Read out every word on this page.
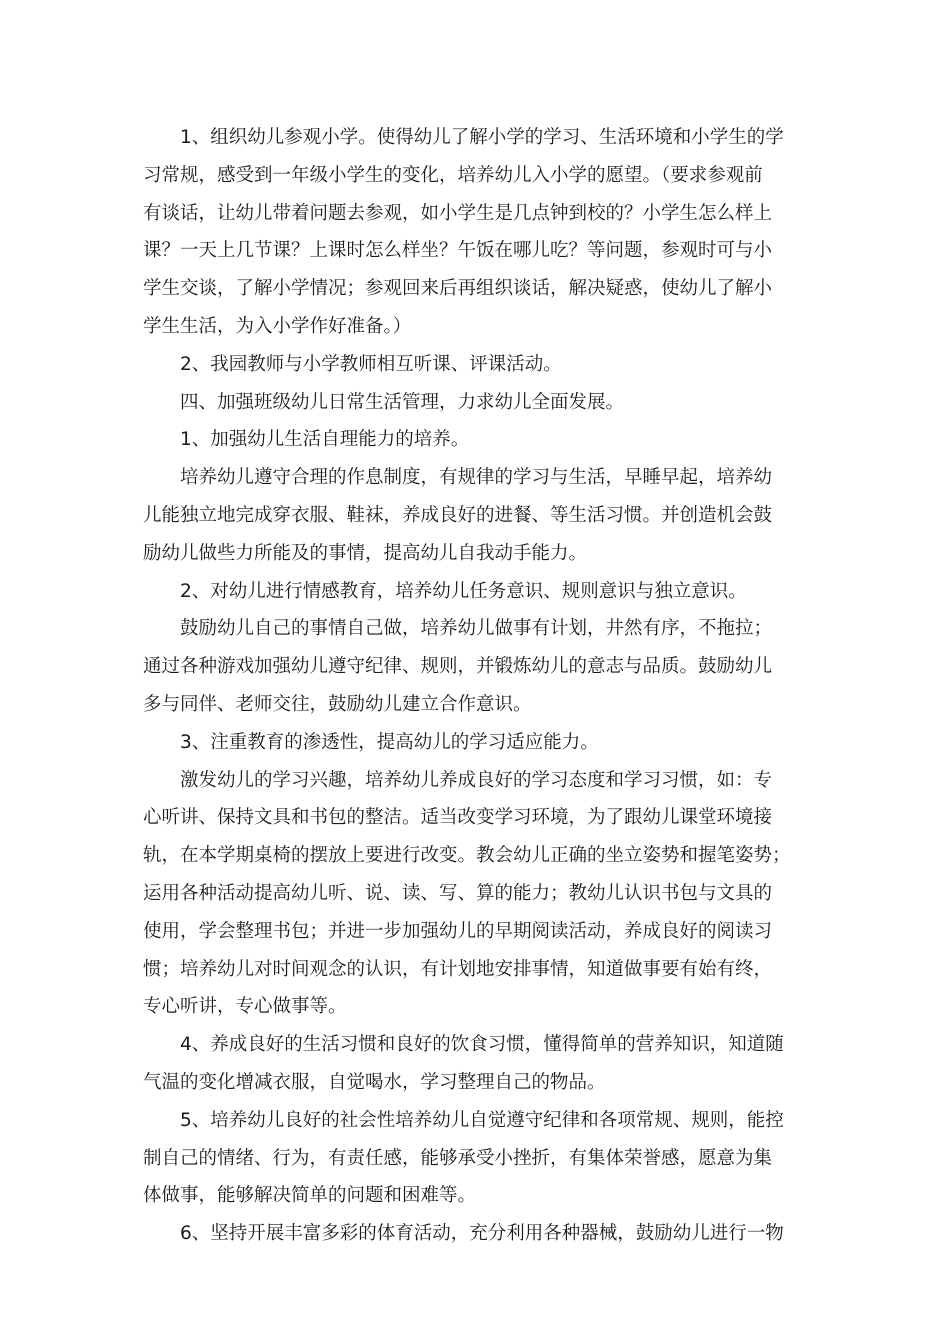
1、组织幼儿参观小学。使得幼儿了解小学的学习、生活环境和小学生的学
习常规，感受到一年级小学生的变化，培养幼儿入小学的愿望。（要求参观前
有谈话，让幼儿带着问题去参观，如小学生是几点钟到校的？小学生怎么样上
课？一天上几节课？上课时怎么样坐？午饭在哪儿吃？等问题，参观时可与小
学生交谈，了解小学情况；参观回来后再组织谈话，解决疑惑，使幼儿了解小
学生生活，为入小学作好准备。）
2、我园教师与小学教师相互听课、评课活动。
四、加强班级幼儿日常生活管理，力求幼儿全面发展。
1、加强幼儿生活自理能力的培养。
培养幼儿遵守合理的作息制度，有规律的学习与生活，早睡早起，培养幼
儿能独立地完成穿衣服、鞋袜，养成良好的进餐、等生活习惯。并创造机会鼓
励幼儿做些力所能及的事情，提高幼儿自我动手能力。
2、对幼儿进行情感教育，培养幼儿任务意识、规则意识与独立意识。
鼓励幼儿自己的事情自己做，培养幼儿做事有计划，井然有序，不拖拉；
通过各种游戏加强幼儿遵守纪律、规则，并锻炼幼儿的意志与品质。鼓励幼儿
多与同伴、老师交往，鼓励幼儿建立合作意识。
3、注重教育的渗透性，提高幼儿的学习适应能力。
激发幼儿的学习兴趣，培养幼儿养成良好的学习态度和学习习惯，如：专
心听讲、保持文具和书包的整洁。适当改变学习环境，为了跟幼儿课堂环境接
轨，在本学期桌椅的摆放上要进行改变。教会幼儿正确的坐立姿势和握笔姿势；
运用各种活动提高幼儿听、说、读、写、算的能力；教幼儿认识书包与文具的
使用，学会整理书包；并进一步加强幼儿的早期阅读活动，养成良好的阅读习
惯；培养幼儿对时间观念的认识，有计划地安排事情，知道做事要有始有终，
专心听讲，专心做事等。
4、养成良好的生活习惯和良好的饮食习惯，懂得简单的营养知识，知道随
气温的变化增减衣服，自觉喝水，学习整理自己的物品。
5、培养幼儿良好的社会性培养幼儿自觉遵守纪律和各项常规、规则，能控
制自己的情绪、行为，有责任感，能够承受小挫折，有集体荣誉感，愿意为集
体做事，能够解决简单的问题和困难等。
6、坚持开展丰富多彩的体育活动，充分利用各种器械，鼓励幼儿进行一物
